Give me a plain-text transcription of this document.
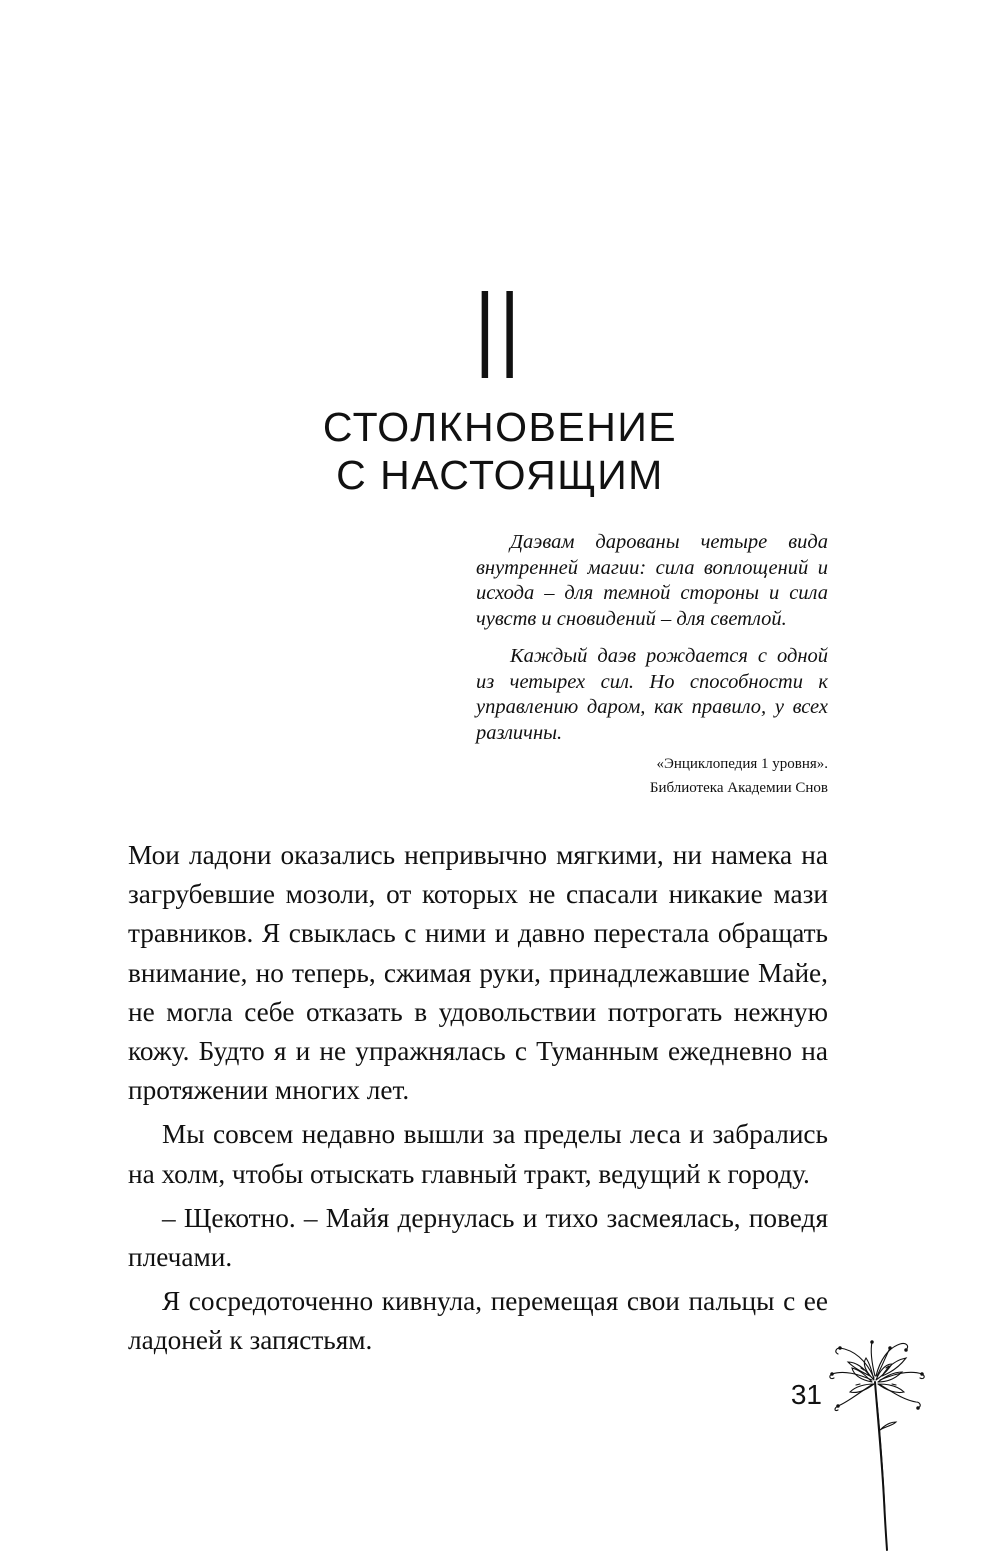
II
СТОЛКНОВЕНИЕ
С НАСТОЯЩИМ

Даэвам дарованы четыре вида внутренней магии: сила воплощений и исхода – для темной стороны и сила чувств и сновидений – для светлой.

Каждый даэв рождается с одной из четырех сил. Но способности к управлению даром, как правило, у всех различны.

«Энциклопедия 1 уровня».
Библиотека Академии Снов

Мои ладони оказались непривычно мягкими, ни намека на загрубевшие мозоли, от которых не спасали никакие мази травников. Я свыклась с ними и давно перестала обращать внимание, но теперь, сжимая руки, принадлежавшие Майе, не могла себе отказать в удовольствии потрогать нежную кожу. Будто я и не упражнялась с Туманным ежедневно на протяжении многих лет.

Мы совсем недавно вышли за пределы леса и забрались на холм, чтобы отыскать главный тракт, ведущий к городу.

– Щекотно. – Майя дернулась и тихо засмеялась, поведя плечами.

Я сосредоточенно кивнула, перемещая свои пальцы с ее ладоней к запястьям.

31
